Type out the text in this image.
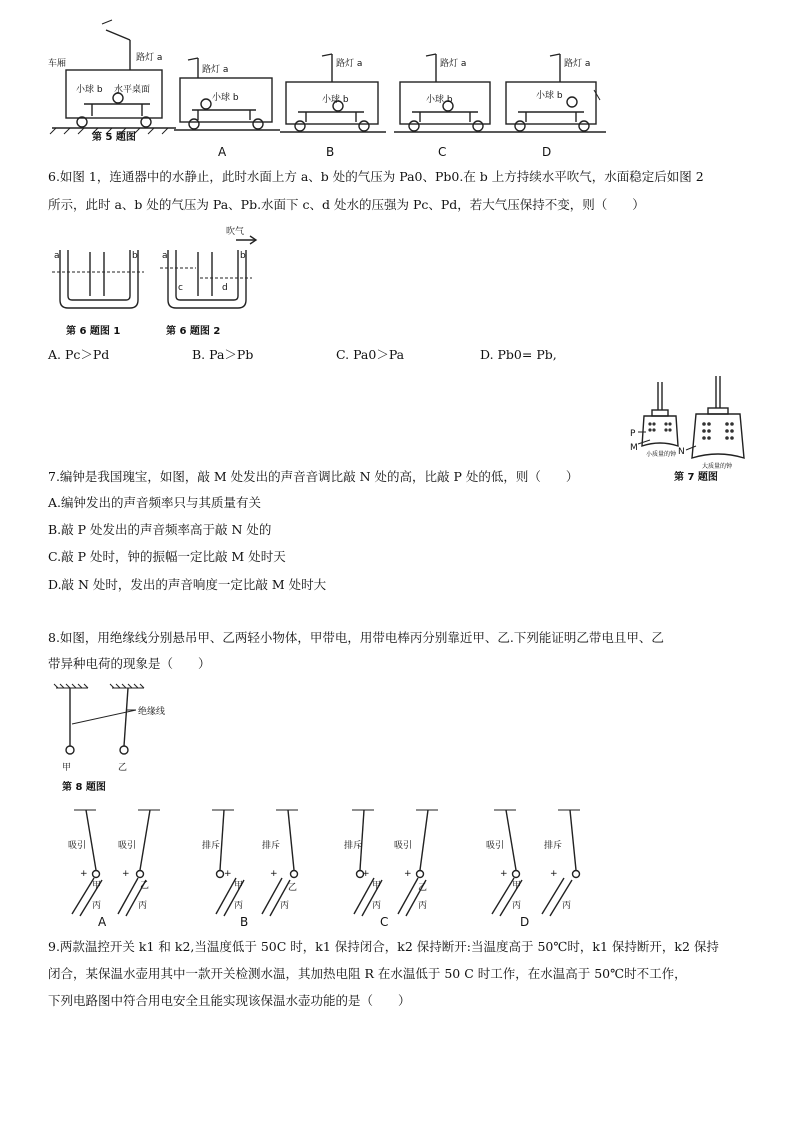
车厢
路灯 a
小球 b 水平桌面
第 5 题图
路灯 a
小球 b
A
路灯 a
小球 b
B
路灯 a
小球 b
C
路灯 a
小球 b
D
6.如图 1，连通器中的水静止，此时水面上方 a、b 处的气压为 Pa0、Pb0.在 b 上方持续水平吹气，水面稳定后如图 2
所示，此时 a、b 处的气压为 Pa、Pb.水面下 c、d 处水的压强为 Pc、Pd，若大气压保持不变，则（　　）
a	b
第 6 题图 1
吹气
a	b
c	d
第 6 题图 2
A. Pc＞Pd	B. Pa＞Pb	C. Pa0＞Pa	D. Pb0= Pb,
P
M
小质量的钟 N
大质量的钟
第 7 题图
7.编钟是我国瑰宝，如图，敲 M 处发出的声音音调比敲 N 处的高，比敲 P 处的低，则（　　）
A.编钟发出的声音频率只与其质量有关
B.敲 P 处发出的声音频率高于敲 N 处的
C.敲 P 处时，钟的振幅一定比敲 M 处时天
D.敲 N 处时，发出的声音响度一定比敲 M 处时大
8.如图，用绝缘线分别悬吊甲、乙两轻小物体，甲带电，用带电棒丙分别靠近甲、乙.下列能证明乙带电且甲、乙
带异种电荷的现象是（　　）
绝缘线
甲	乙
第 8 题图
吸引	吸引
+	+
甲	乙
丙	丙
A
排斥	排斥
+	+
甲	乙
丙	丙
B
排斥	吸引
+	+
甲	乙
丙	丙
C
吸引	排斥
+	+
甲
丙	丙
D
9.两款温控开关 k1 和 k2,当温度低于 50C 时，k1 保持闭合，k2 保持断开:当温度高于 50℃时，k1 保持断开，k2 保持
闭合，某保温水壶用其中一款开关检测水温，其加热电阻 R 在水温低于 50 C 时工作，在水温高于 50℃时不工作，
下列电路图中符合用电安全且能实现该保温水壶功能的是（　　）
